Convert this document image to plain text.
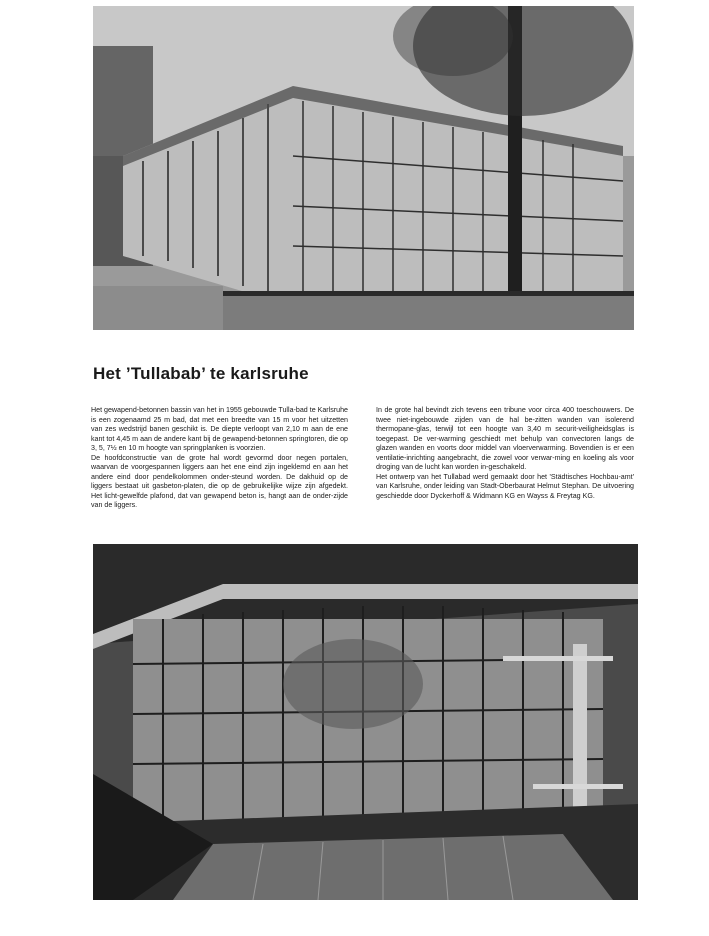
Het ’Tullabab’ te karlsruhe

Het gewapend-betonnen bassin van het in 1955 gebouwde Tulla-bad te Karlsruhe is een zogenaamd 25 m bad, dat met een breedte van 15 m voor het uitzetten van zes wedstrijd banen geschikt is. De diepte verloopt van 2,10 m aan de ene kant tot 4,45 m aan de andere kant bij de gewapend-betonnen springtoren, die op 3, 5, 7½ en 10 m hoogte van springplanken is voorzien.

De hoofdconstructie van de grote hal wordt gevormd door negen portalen, waarvan de voorgespannen liggers aan het ene eind zijn ingeklemd en aan het andere eind door pendelkolommen onder-steund worden. De dakhuid op de liggers bestaat uit gasbeton-platen, die op de gebruikelijke wijze zijn afgedekt. Het licht-gewelfde plafond, dat van gewapend beton is, hangt aan de onder-zijde van de liggers.

In de grote hal bevindt zich tevens een tribune voor circa 400 toeschouwers. De twee niet-ingebouwde zijden van de hal be-zitten wanden van isolerend thermopane-glas, terwijl tot een hoogte van 3,40 m securit-veiligheidsglas is toegepast. De ver-warming geschiedt met behulp van convectoren langs de glazen wanden en voorts door middel van vloerverwarming. Bovendien is er een ventilatie-inrichting aangebracht, die zowel voor verwar-ming en koeling als voor droging van de lucht kan worden in-geschakeld.

Het ontwerp van het Tullabad werd gemaakt door het 'Städtisches Hochbau-amt' van Karlsruhe, onder leiding van Stadt-Oberbaurat Helmut Stephan. De uitvoering geschiedde door Dyckerhoff & Widmann KG en Wayss & Freytag KG.
